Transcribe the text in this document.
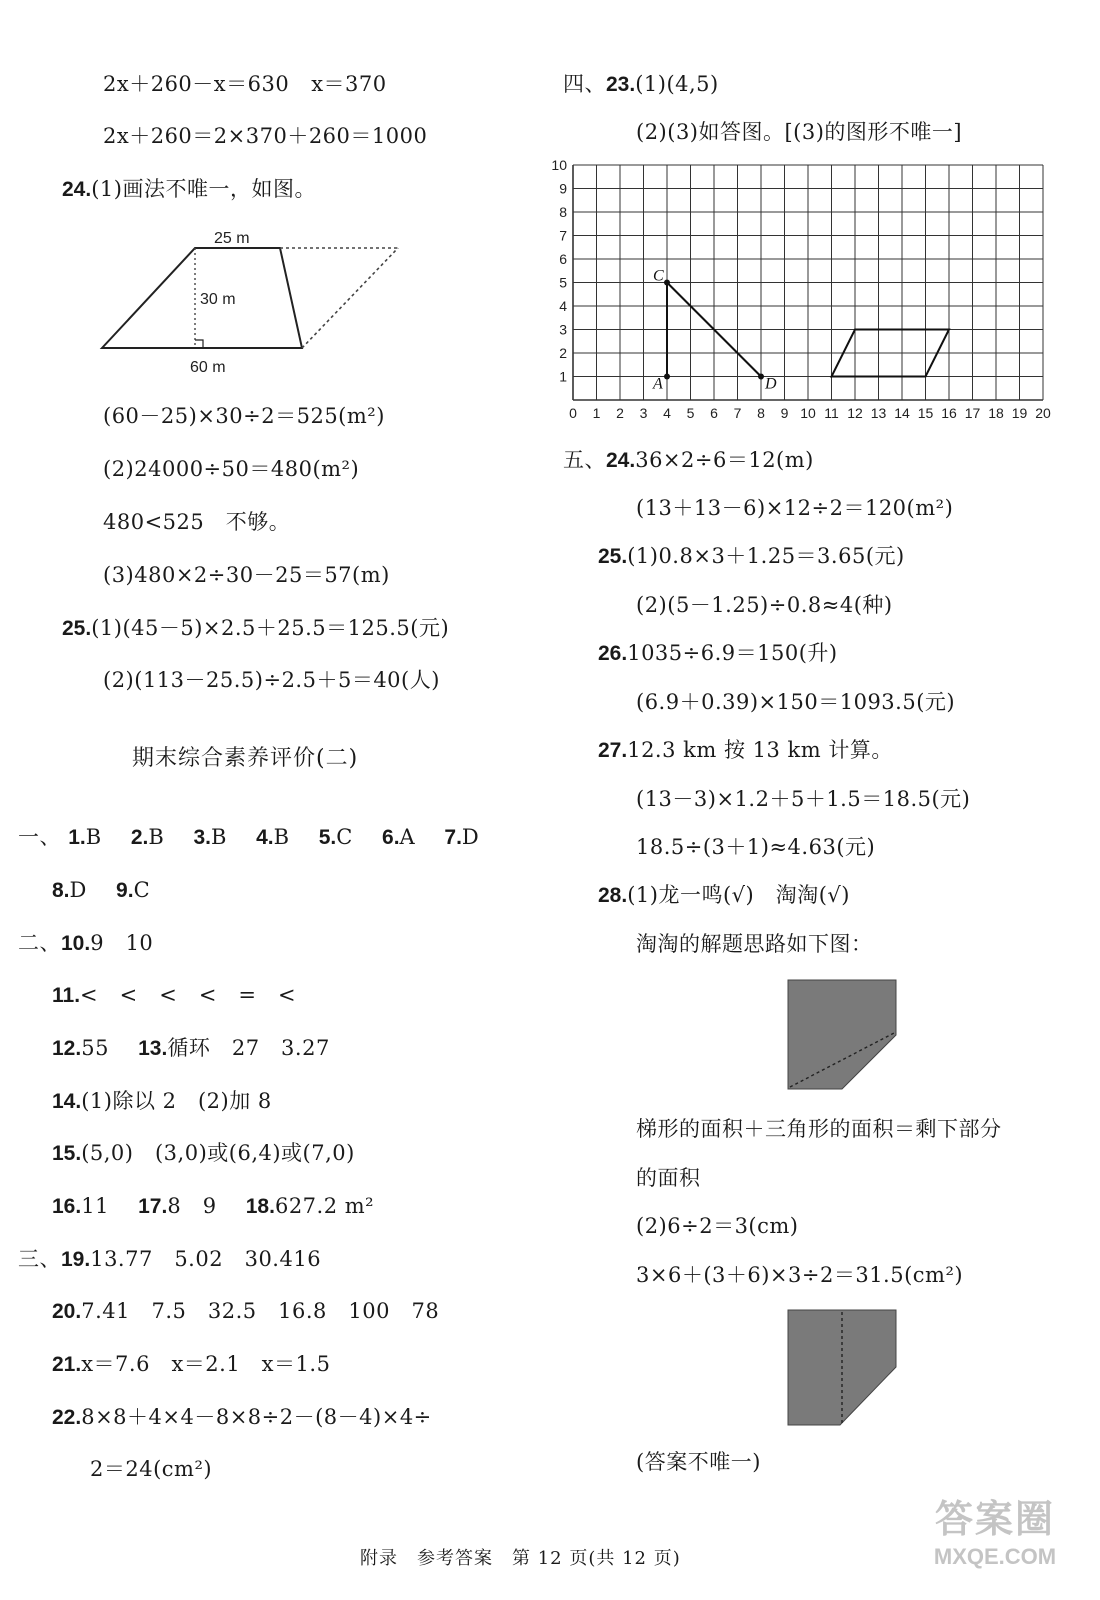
2x＋260－x＝630 x＝370
2x＋260＝2×370＋260＝1000
24.(1)画法不唯一，如图。
25 m
30 m
60 m
(60－25)×30÷2＝525(m²)
(2)24000÷50＝480(m²)
480<525　不够。
(3)480×2÷30－25＝57(m)
25.(1)(45－5)×2.5＋25.5＝125.5(元)
(2)(113－25.5)÷2.5＋5＝40(人)
期末综合素养评价(二)
一、 1.B 2.B 3.B 4.B 5.C 6.A 7.D
8.D 9.C
二、10.9　10
11.<　<　<　<　=　<
12.55 13.循环　27　3.27
14.(1)除以 2　(2)加 8
15.(5,0)　(3,0)或(6,4)或(7,0)
16.11 17.8　9 18.627.2 m²
三、19.13.77　5.02　30.416
20.7.41　7.5　32.5　16.8　100　78
21.x＝7.6　x＝2.1　x＝1.5
22.8×8＋4×4－8×8÷2－(8－4)×4÷
2＝24(cm²)
四、23.(1)(4,5)
(2)(3)如答图。[(3)的图形不唯一]
0 1 2 3 4 5 6 7 8 9 10 11 12 13 14 15 16 17 18 19 20
1
2
3
4
5
6
7
8
9
10
C
A	D
五、24.36×2÷6＝12(m)
(13＋13－6)×12÷2＝120(m²)
25.(1)0.8×3＋1.25＝3.65(元)
(2)(5－1.25)÷0.8≈4(种)
26.1035÷6.9＝150(升)
(6.9＋0.39)×150＝1093.5(元)
27.12.3 km 按 13 km 计算。
(13－3)×1.2＋5＋1.5＝18.5(元)
18.5÷(3＋1)≈4.63(元)
28.(1)龙一鸣(√)　淘淘(√)
淘淘的解题思路如下图：
梯形的面积＋三角形的面积＝剩下部分
的面积
(2)6÷2＝3(cm)
3×6＋(3＋6)×3÷2＝31.5(cm²)
(答案不唯一)
附录　参考答案　第 12 页(共 12 页)
答案圈
MXQE.COM
